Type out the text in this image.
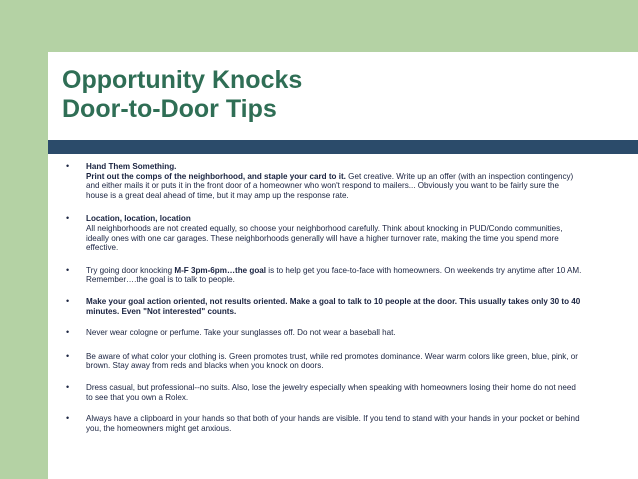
Opportunity Knocks
Door-to-Door Tips
• Hand Them Something.
Print out the comps of the neighborhood, and staple your card to it. Get creative. Write up an offer (with an inspection contingency) and either mails it or puts it in the front door of a homeowner who won't respond to mailers... Obviously you want to be fairly sure the house is a great deal ahead of time, but it may amp up the response rate.
• Location, location, location
All neighborhoods are not created equally, so choose your neighborhood carefully. Think about knocking in PUD/Condo communities, ideally ones with one car garages. These neighborhoods generally will have a higher turnover rate, making the time you spend more effective.
• Try going door knocking M-F 3pm-6pm…the goal is to help get you face-to-face with homeowners. On weekends try anytime after 10 AM. Remember….the goal is to talk to people.
• Make your goal action oriented, not results oriented. Make a goal to talk to 10 people at the door. This usually takes only 30 to 40 minutes. Even "Not interested" counts.
• Never wear cologne or perfume. Take your sunglasses off. Do not wear a baseball hat.
• Be aware of what color your clothing is. Green promotes trust, while red promotes dominance. Wear warm colors like green, blue, pink, or brown. Stay away from reds and blacks when you knock on doors.
• Dress casual, but professional--no suits. Also, lose the jewelry especially when speaking with homeowners losing their home do not need to see that you own a Rolex.
• Always have a clipboard in your hands so that both of your hands are visible. If you tend to stand with your hands in your pocket or behind you, the homeowners might get anxious.
